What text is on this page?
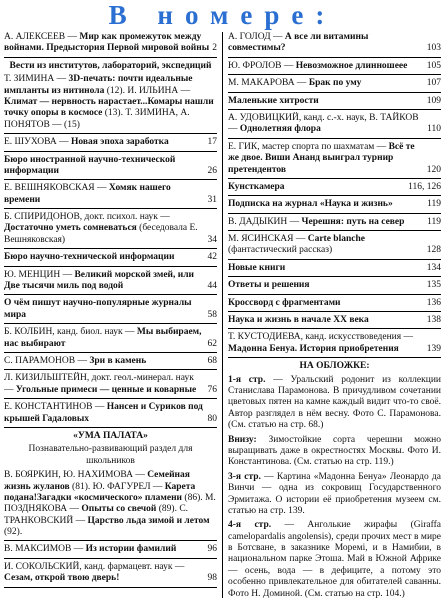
В номере:
А. АЛЕКСЕЕВ — Мир как промежуток между войнами. Предыстория Первой мировой войны 2
Вести из институтов, лабораторий, экспедиций
Т. ЗИМИНА — 3D-печать: почти идеальные импланты из нитинола (12). И. ИЛЬИНА — Климат — нервность нарастает...Комары нашли точку опоры в космосе (13). Т. ЗИМИНА, А. ПОНЯТОВ — (15)
Е. ШУХОВА — Новая эпоха заработка	17
Бюро иностранной научно-технической информации	26
Е. ВЕШНЯКОВСКАЯ — Хомяк нашего времени	31
Б. СПИРИДОНОВ, докт. психол. наук — Достаточно уметь сомневаться (беседовала Е. Вешняковская)	34
Бюро научно-технической информации	42
Ю. МЕНЦИН — Великий морской змей, или Две тысячи миль под водой	44
О чём пишут научно-популярные журналы мира	58
Б. КОЛБИН, канд. биол. наук — Мы выбираем, нас выбирают	62
С. ПАРАМОНОВ — Зри в камень	68
Л. КИЗИЛЬШТЕЙН, докт. геол.-минерал. наук — Угольные примеси — ценные и коварные	76
Е. КОНСТАНТИНОВ — Нансен и Суриков под крышей Гадаловых	80
«УМА ПАЛАТА»
Познавательно-развивающий раздел для школьников
В. БОЯРКИН, Ю. НАХИМОВА — Семейная жизнь жуланов (81). Ю. ФАГУРЕЛ — Карета подана!Загадки «космического» пламени (86). М. ПОЗДНЯКОВА — Опыты со свечой (89). С. ТРАНКОВСКИЙ — Царство льда зимой и летом (92).
В. МАКСИМОВ — Из истории фамилий	96
И. СОКОЛЬСКИЙ, канд. фармацевт. наук — Сезам, открой твою дверь!	98
А. ГОЛОД — А все ли витамины совместимы?	103
Ю. ФРОЛОВ — Невозможное длинношеее	105
М. МАКАРОВА — Брак по уму	107
Маленькие хитрости	109
А. УДОВИЦКИЙ, канд. с.-х. наук, В. ТАЙКОВ — Однолетняя флора	110
Е. ГИК, мастер спорта по шахматам — Всё те же двое. Виши Ананд выиграл турнир претендентов	120
Кунсткамера	116, 126
Подписка на журнал «Наука и жизнь»	119
В. ДАДЫКИН — Черешня: путь на север	119
М. ЯСИНСКАЯ — Carte blanche (фантастический рассказ)	128
Новые книги	134
Ответы и решения	135
Кроссворд с фрагментами	136
Наука и жизнь в начале ХХ века	138
Т. КУСТОДИЕВА, канд. искусствоведения — Мадонна Бенуа. История приобретения	139
НА ОБЛОЖКЕ:

1-я стр. — Уральский родонит из коллекции Станислава Парамонова. В причудливом сочетании цветовых пятен на камне каждый видит что-то своё. Автор разглядел в нём весну. Фото С. Парамонова. (См. статью на стр. 68.)

Внизу: Зимостойкие сорта черешни можно выращивать даже в окрестностях Москвы. Фото И. Константинова. (См. статью на стр. 119.)

3-я стр. — Картина «Мадонна Бенуа» Леонардо да Винчи — одна из сокровищ Государственного Эрмитажа. О истории её приобретения музеем см. статью на стр. 139.

4-я стр. — Анголькие жирафы (Giraffa camelopardalis angolensis), среди прочих мест в мире в Ботсване, в заказнике Моремі, и в Намибии, в национальном парке Этоша. Май в Южной Африке — осень, вода — в дефиците, а потому это особенно привлекательное для обитателей саванны. Фото Н. Доминой. (См. статью на стр. 104.)
